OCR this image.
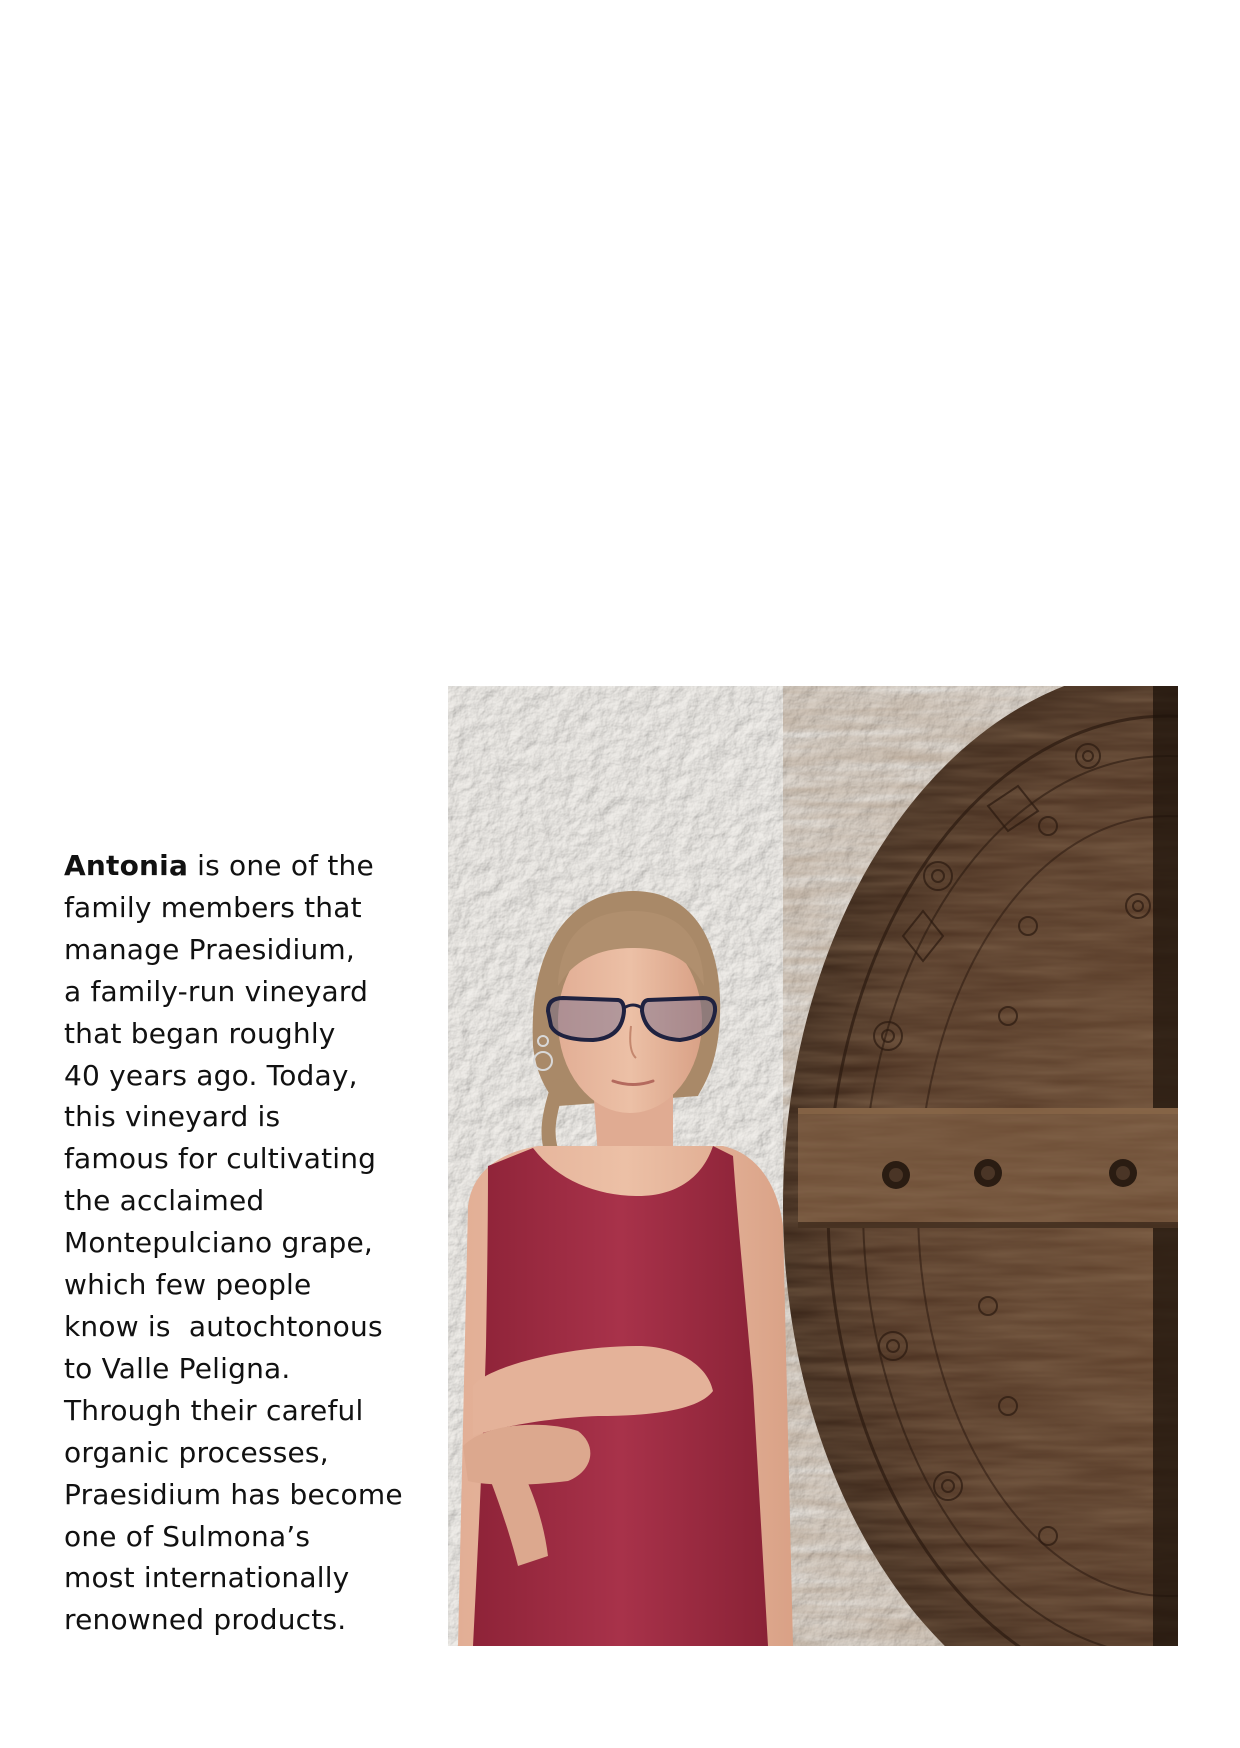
Antonia is one of the
family members that
manage Praesidium,
a family-run vineyard
that began roughly
40 years ago. Today,
this vineyard is
famous for cultivating
the acclaimed
Montepulciano grape,
which few people
know is  autochtonous
to Valle Peligna.
Through their careful
organic processes,
Praesidium has become
one of Sulmona’s
most internationally
renowned products.
